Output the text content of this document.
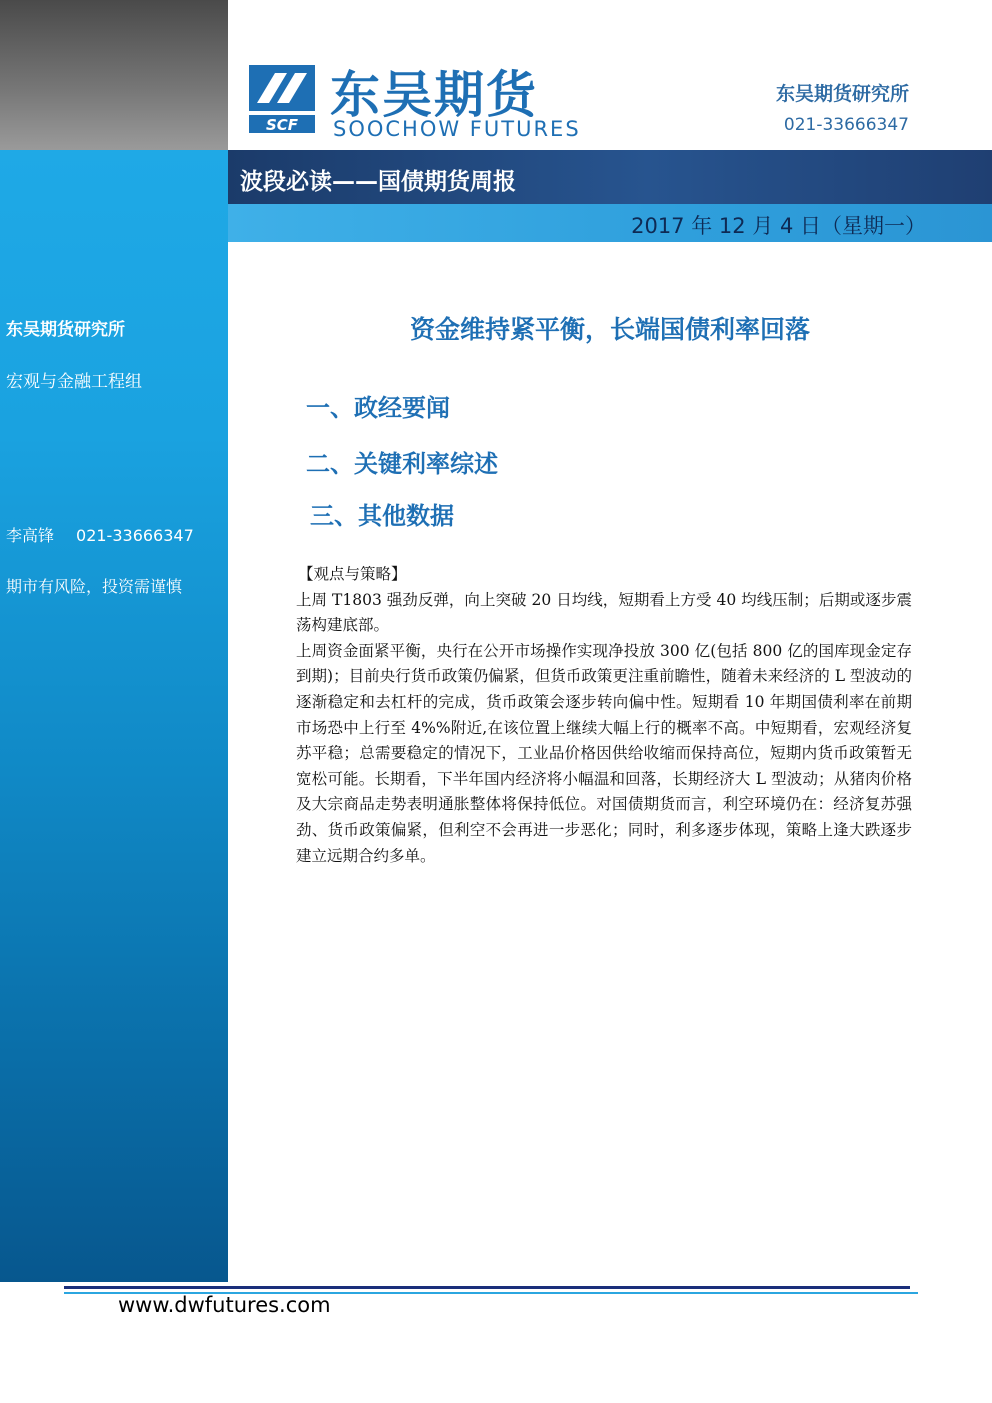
东吴期货研究所
宏观与金融工程组
李高锋 021-33666347
期市有风险，投资需谨慎
SCF
东吴期货
SOOCHOW FUTURES
东吴期货研究所
021-33666347
波段必读——国债期货周报
2017 年 12 月 4 日（星期一）
资金维持紧平衡，长端国债利率回落
一、政经要闻
二、关键利率综述
三、其他数据

【观点与策略】

上周 T1803 强劲反弹，向上突破 20 日均线，短期看上方受 40 均线压制；后期或逐步震荡构建底部。

上周资金面紧平衡，央行在公开市场操作实现净投放 300 亿(包括 800 亿的国库现金定存到期)；目前央行货币政策仍偏紧，但货币政策更注重前瞻性，随着未来经济的 L 型波动的逐渐稳定和去杠杆的完成，货币政策会逐步转向偏中性。短期看 10 年期国债利率在前期市场恐中上行至 4%%附近,在该位置上继续大幅上行的概率不高。中短期看，宏观经济复苏平稳；总需要稳定的情况下，工业品价格因供给收缩而保持高位，短期内货币政策暂无宽松可能。长期看，下半年国内经济将小幅温和回落，长期经济大 L 型波动；从猪肉价格及大宗商品走势表明通胀整体将保持低位。对国债期货而言，利空环境仍在：经济复苏强劲、货币政策偏紧，但利空不会再进一步恶化；同时，利多逐步体现，策略上逢大跌逐步建立远期合约多单。

www.dwfutures.com
